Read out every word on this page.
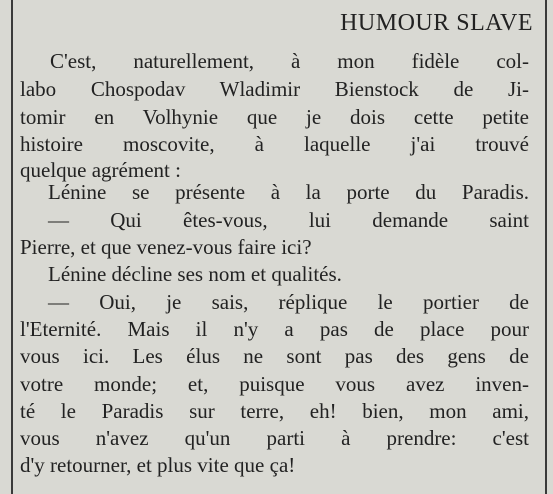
HUMOUR SLAVE
C'est, naturellement, à mon fidèle col-
labo Chospodav Wladimir Bienstock de Ji-
tomir en Volhynie que je dois cette petite
histoire moscovite, à laquelle j'ai trouvé
quelque agrément :
Lénine se présente à la porte du Paradis.
— Qui êtes-vous, lui demande saint
Pierre, et que venez-vous faire ici?
Lénine décline ses nom et qualités.
— Oui, je sais, réplique le portier de
l'Eternité. Mais il n'y a pas de place pour
vous ici. Les élus ne sont pas des gens de
votre monde; et, puisque vous avez inven-
té le Paradis sur terre, eh! bien, mon ami,
vous n'avez qu'un parti à prendre: c'est
d'y retourner, et plus vite que ça!
